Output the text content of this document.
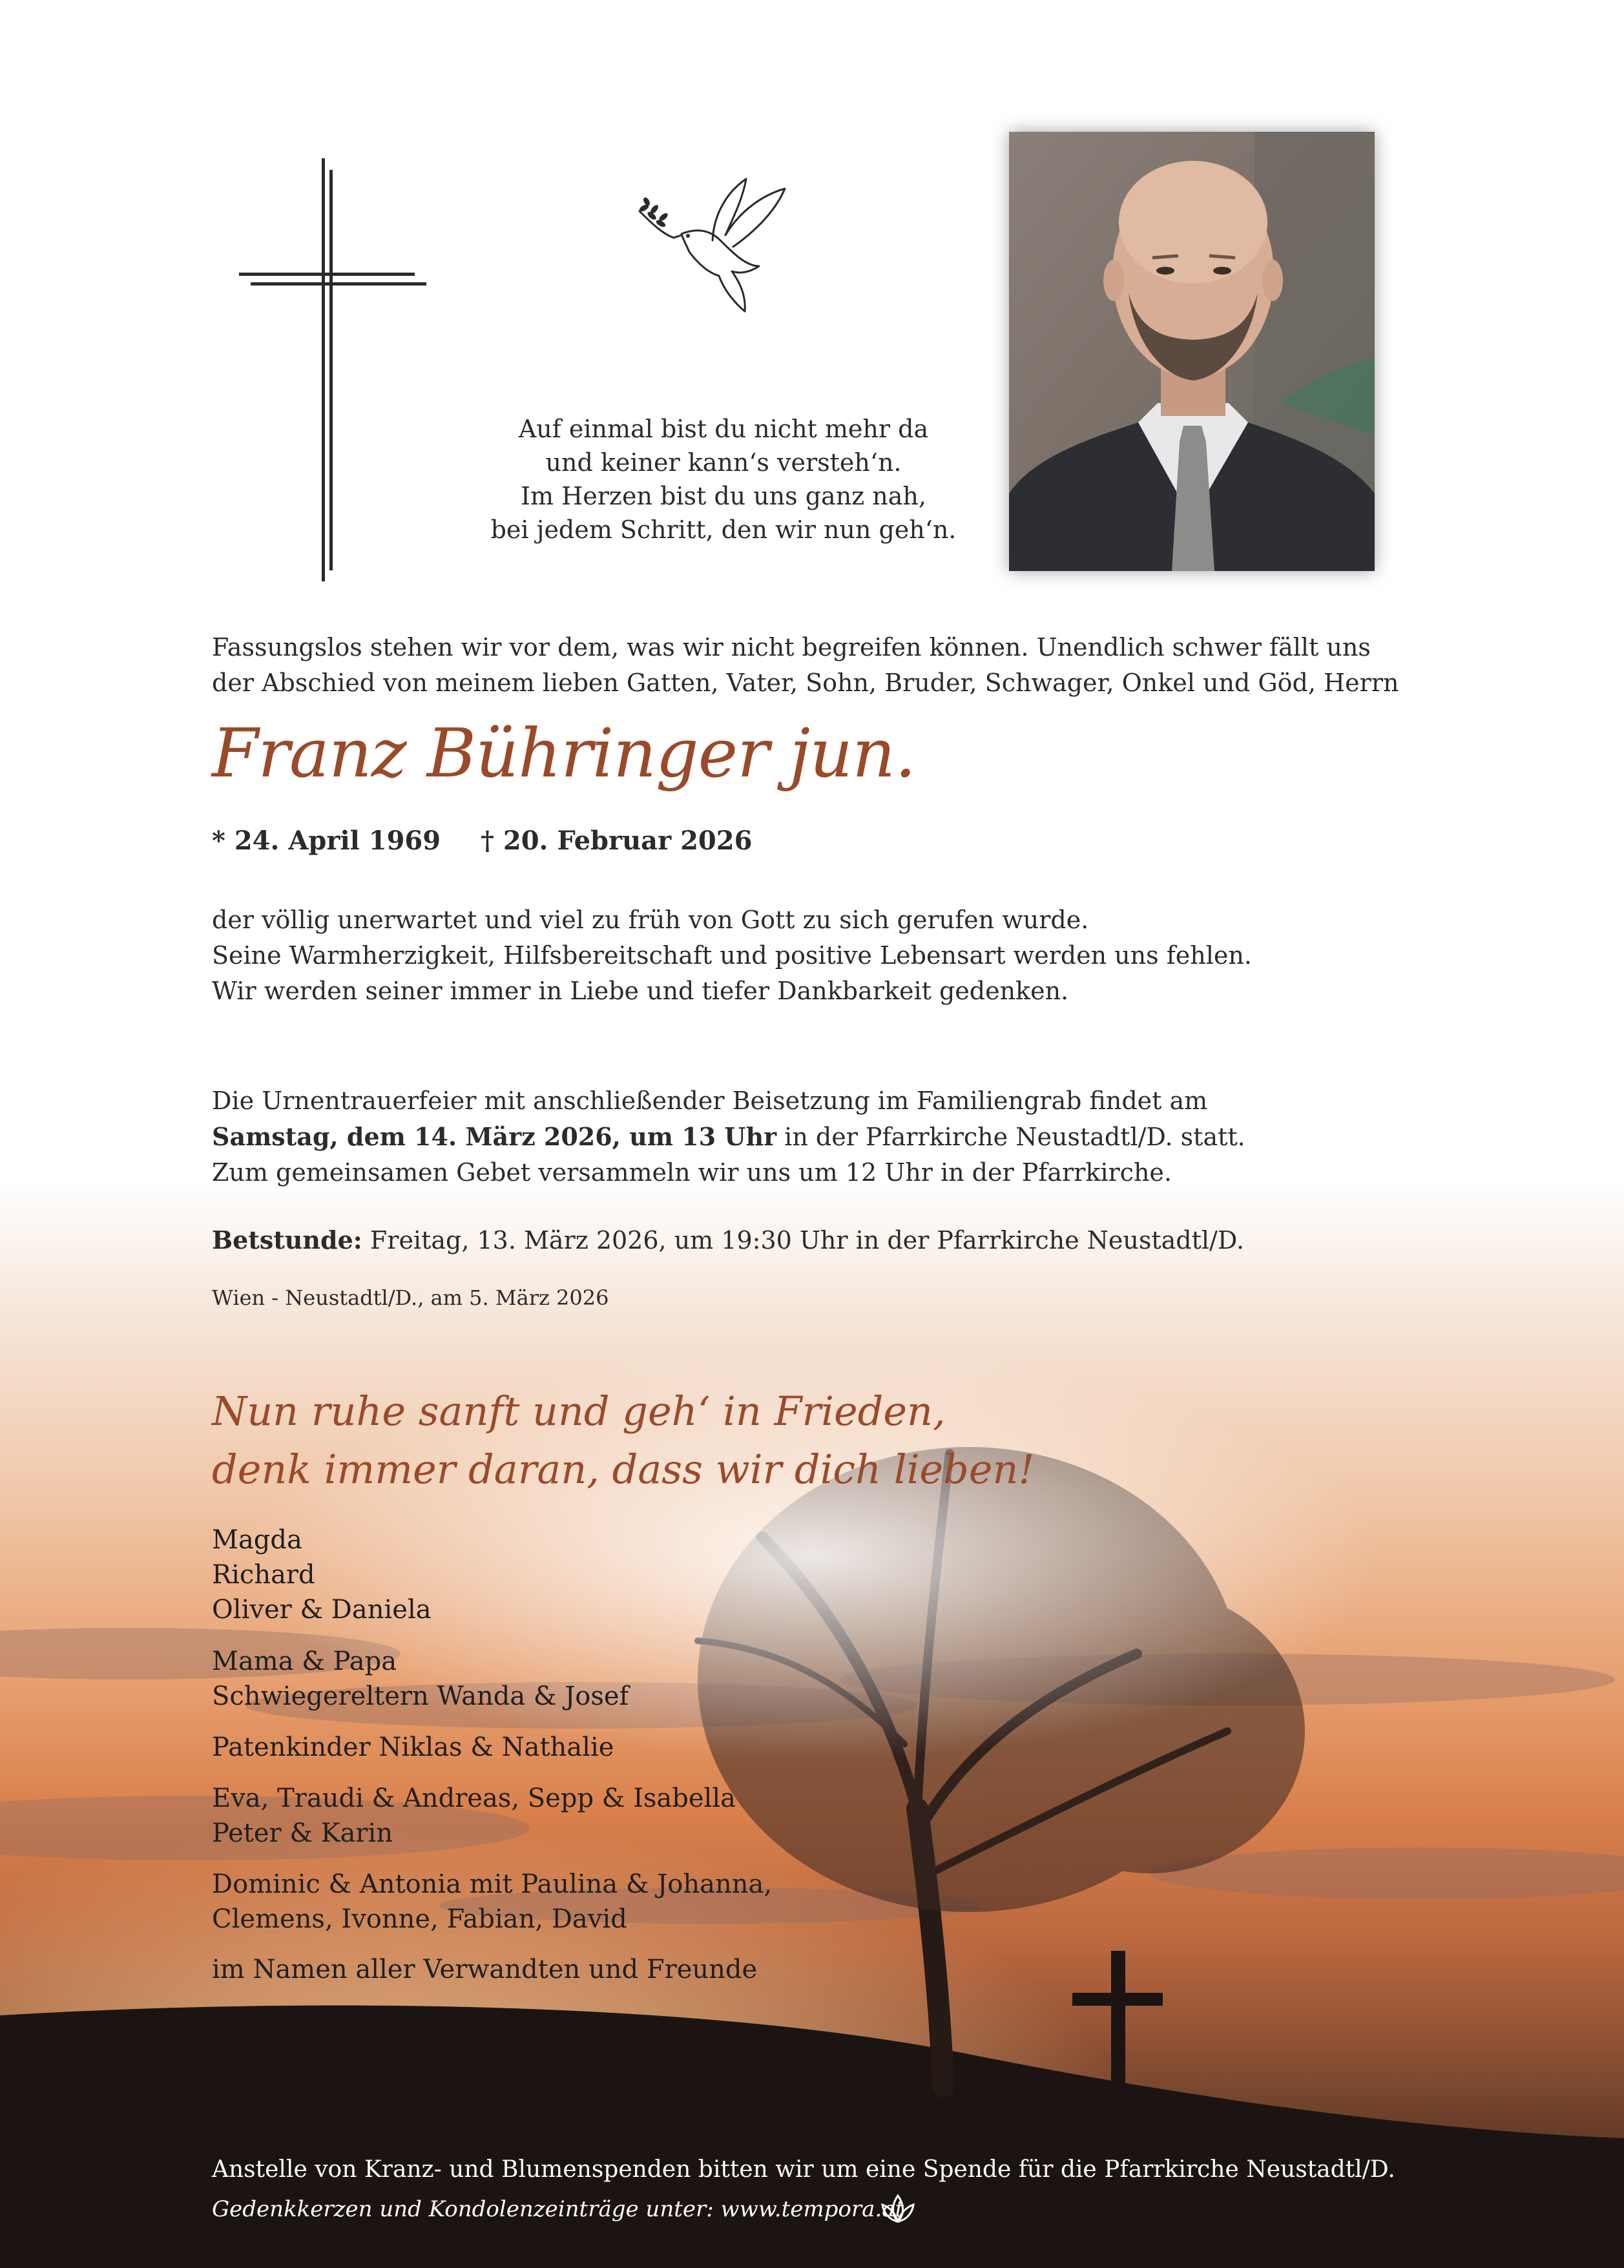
Auf einmal bist du nicht mehr da
und keiner kann‘s versteh‘n.
Im Herzen bist du uns ganz nah,
bei jedem Schritt, den wir nun geh‘n.
Fassungslos stehen wir vor dem, was wir nicht begreifen können. Unendlich schwer fällt uns
der Abschied von meinem lieben Gatten, Vater, Sohn, Bruder, Schwager, Onkel und Göd, Herrn
Franz Bühringer jun.
* 24. April 1969 † 20. Februar 2026
der völlig unerwartet und viel zu früh von Gott zu sich gerufen wurde.
Seine Warmherzigkeit, Hilfsbereitschaft und positive Lebensart werden uns fehlen.
Wir werden seiner immer in Liebe und tiefer Dankbarkeit gedenken.
Die Urnentrauerfeier mit anschließender Beisetzung im Familiengrab findet am
Samstag, dem 14. März 2026, um 13 Uhr in der Pfarrkirche Neustadtl/D. statt.
Zum gemeinsamen Gebet versammeln wir uns um 12 Uhr in der Pfarrkirche.
Betstunde: Freitag, 13. März 2026, um 19:30 Uhr in der Pfarrkirche Neustadtl/D.
Wien - Neustadtl/D., am 5. März 2026
Nun ruhe sanft und geh‘ in Frieden,
denk immer daran, dass wir dich lieben!
Magda
Richard
Oliver & Daniela
Mama & Papa
Schwiegereltern Wanda & Josef
Patenkinder Niklas & Nathalie
Eva, Traudi & Andreas, Sepp & Isabella
Peter & Karin
Dominic & Antonia mit Paulina & Johanna,
Clemens, Ivonne, Fabian, David
im Namen aller Verwandten und Freunde
Anstelle von Kranz- und Blumenspenden bitten wir um eine Spende für die Pfarrkirche Neustadtl/D.
Gedenkkerzen und Kondolenzeinträge unter: www.tempora.at
